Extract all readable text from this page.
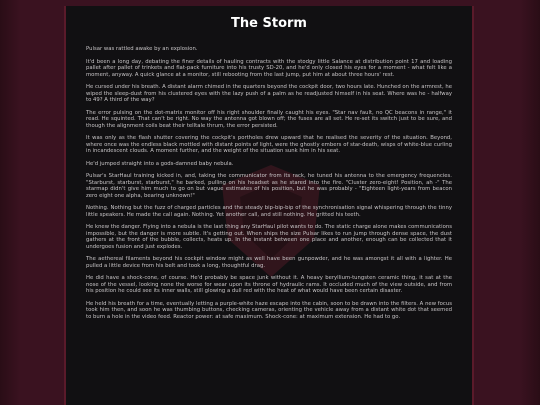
The Storm

Pulsar was rattled awake by an explosion.

It'd been a long day, debating the finer details of hauling contracts with the stodgy little Salance at distribution point 17 and loading pallet after pallet of trinkets and flat-pack furniture into his trusty SD-20, and he'd only closed his eyes for a moment - what felt like a moment, anyway. A quick glance at a monitor, still rebooting from the last jump, put him at about three hours' rest.

He cursed under his breath. A distant alarm chimed in the quarters beyond the cockpit door, two hours late. Hunched on the armrest, he wiped the sleep-dust from his clustered eyes with the lazy push of a palm as he readjusted himself in his seat. Where was he - halfway to 49? A third of the way?

The error pulsing on the dot-matrix monitor off his right shoulder finally caught his eyes. "Star nav fault, no QC beacons in range," it read. He squinted. That can't be right. No way the antenna got blown off; the fuses are all set. He re-set its switch just to be sure, and though the alignment coils beat their telltale thrum, the error persisted.

It was only as the flash shutter covering the cockpit's portholes drew upward that he realised the severity of the situation. Beyond, where once was the endless black mottled with distant points of light, were the ghostly embers of star-death, wisps of white-blue curling in incandescent clouds. A moment further, and the weight of the situation sunk him in his seat.

He'd jumped straight into a gods-damned baby nebula.

Pulsar's StarHaul training kicked in, and, taking the communicator from its rack, he tuned his antenna to the emergency frequencies. "Starburst, starburst, starburst," he barked, pulling on his headset as he stared into the fire. "Cluster zero-eight! Position, ah -" The starmap didn't give him much to go on but vague estimates of his position, but he was probably - "Eighteen light-years from beacon zero eight one alpha, bearing unknown!"

Nothing. Nothing but the fuzz of charged particles and the steady bip-bip-bip of the synchronisation signal whispering through the tinny little speakers. He made the call again. Nothing. Yet another call, and still nothing. He gritted his teeth.

He knew the danger. Flying into a nebula is the last thing any StarHaul pilot wants to do. The static charge alone makes communications impossible, but the danger is more subtle. It's getting out. When ships the size Pulsar likes to run jump through dense space, the dust gathers at the front of the bubble, collects, heats up. In the instant between one place and another, enough can be collected that it undergoes fusion and just explodes.

The aethereal filaments beyond his cockpit window might as well have been gunpowder, and he was amongst it all with a lighter. He pulled a little device from his belt and took a long, thoughtful drag.

He did have a shock-cone, of course. He'd probably be space junk without it. A heavy beryllium-tungsten ceramic thing, it sat at the nose of the vessel, looking none the worse for wear upon its throne of hydraulic rams. It occluded much of the view outside, and from his position he could see its inner walls, still glowing a dull red with the heat of what would have been certain disaster.

He held his breath for a time, eventually letting a purple-white haze escape into the cabin, soon to be drawn into the filters. A new focus took him then, and soon he was thumbing buttons, checking cameras, orienting the vehicle away from a distant white dot that seemed to burn a hole in the video feed. Reactor power: at safe maximum. Shock-cone: at maximum extension. He had to go.
